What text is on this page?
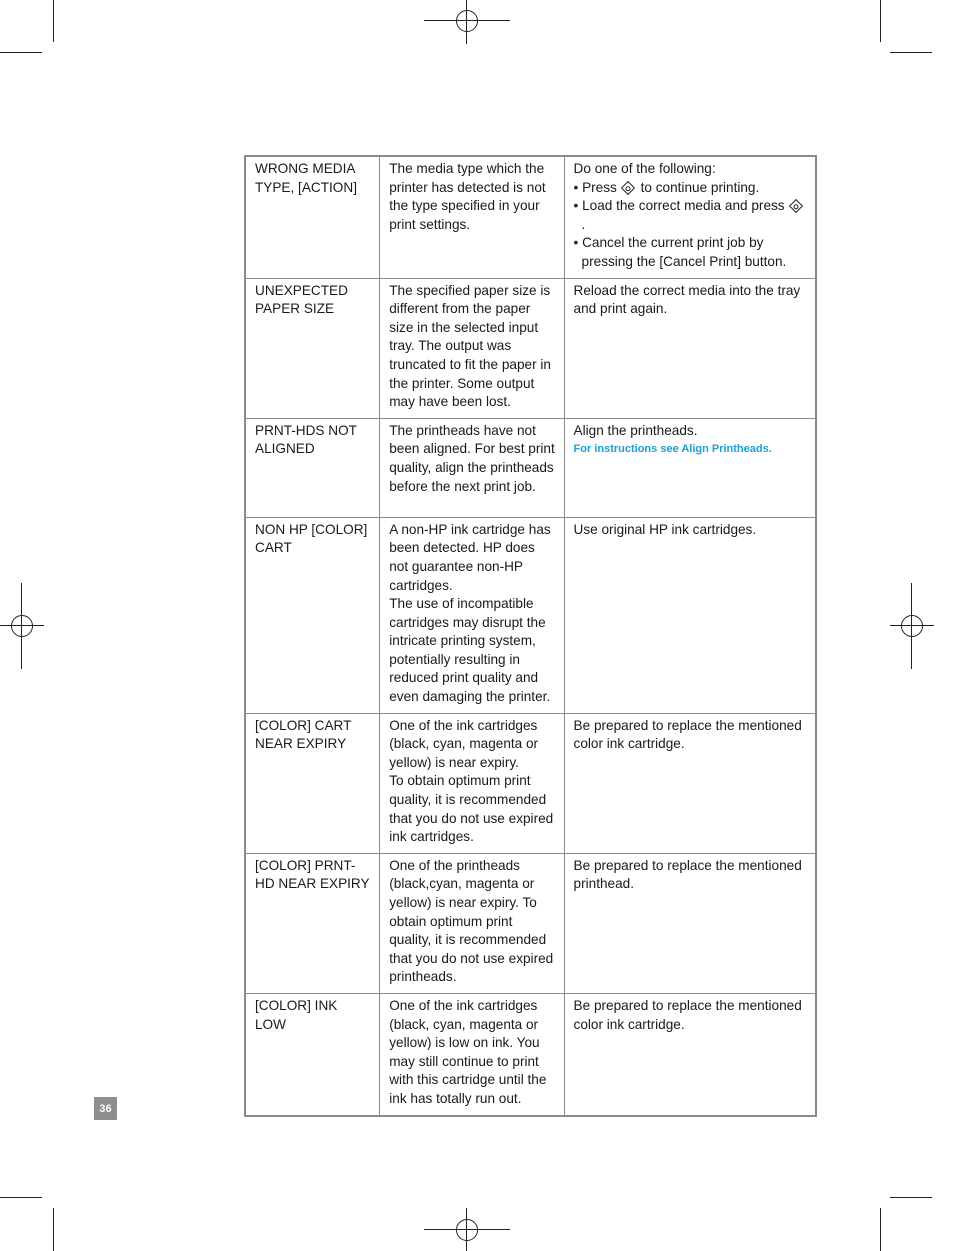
WRONG MEDIA TYPE, [ACTION]	The media type which the printer has detected is not the type specified in your print settings.	Do one of the following:
• Press to continue printing.
• Load the correct media and press.
• Cancel the current print job by pressing the [Cancel Print] button.

UNEXPECTED PAPER SIZE	The specified paper size is different from the paper size in the selected input tray. The output was truncated to fit the paper in the printer. Some output may have been lost.	Reload the correct media into the tray and print again.
PRNT-HDS NOT ALIGNED	The printheads have not been aligned. For best print quality, align the printheads before the next print job.	Align the printheads.
For instructions see Align Printheads.

NON HP [COLOR] CART	A non-HP ink cartridge has been detected. HP does not guarantee non-HP cartridges.
The use of incompatible cartridges may disrupt the intricate printing system, potentially resulting in reduced print quality and even damaging the printer.	Use original HP ink cartridges.
[COLOR] CART NEAR EXPIRY	One of the ink cartridges (black, cyan, magenta or yellow) is near expiry.
To obtain optimum print quality, it is recommended that you do not use expired ink cartridges.	Be prepared to replace the mentioned color ink cartridge.
[COLOR] PRNT-HD NEAR EXPIRY	One of the printheads (black,cyan, magenta or yellow) is near expiry. To obtain optimum print quality, it is recommended that you do not use expired printheads.	Be prepared to replace the mentioned printhead.
[COLOR] INK LOW	One of the ink cartridges (black, cyan, magenta or yellow) is low on ink. You may still continue to print with this cartridge until the ink has totally run out.	Be prepared to replace the mentioned color ink cartridge.
36
